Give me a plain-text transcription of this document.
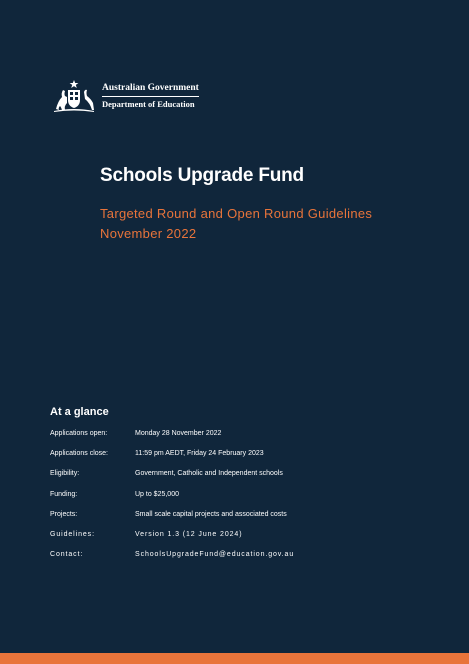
Australian Government
Department of Education
Schools Upgrade Fund
Targeted Round and Open Round Guidelines
November 2022
At a glance
Applications open:	Monday 28 November 2022
Applications close:	11:59 pm AEDT, Friday 24 February 2023
Eligibility:	Government, Catholic and Independent schools
Funding:	Up to $25,000
Projects:	Small scale capital projects and associated costs
Guidelines:	Version 1.3 (12 June 2024)
Contact:	SchoolsUpgradeFund@education.gov.au
